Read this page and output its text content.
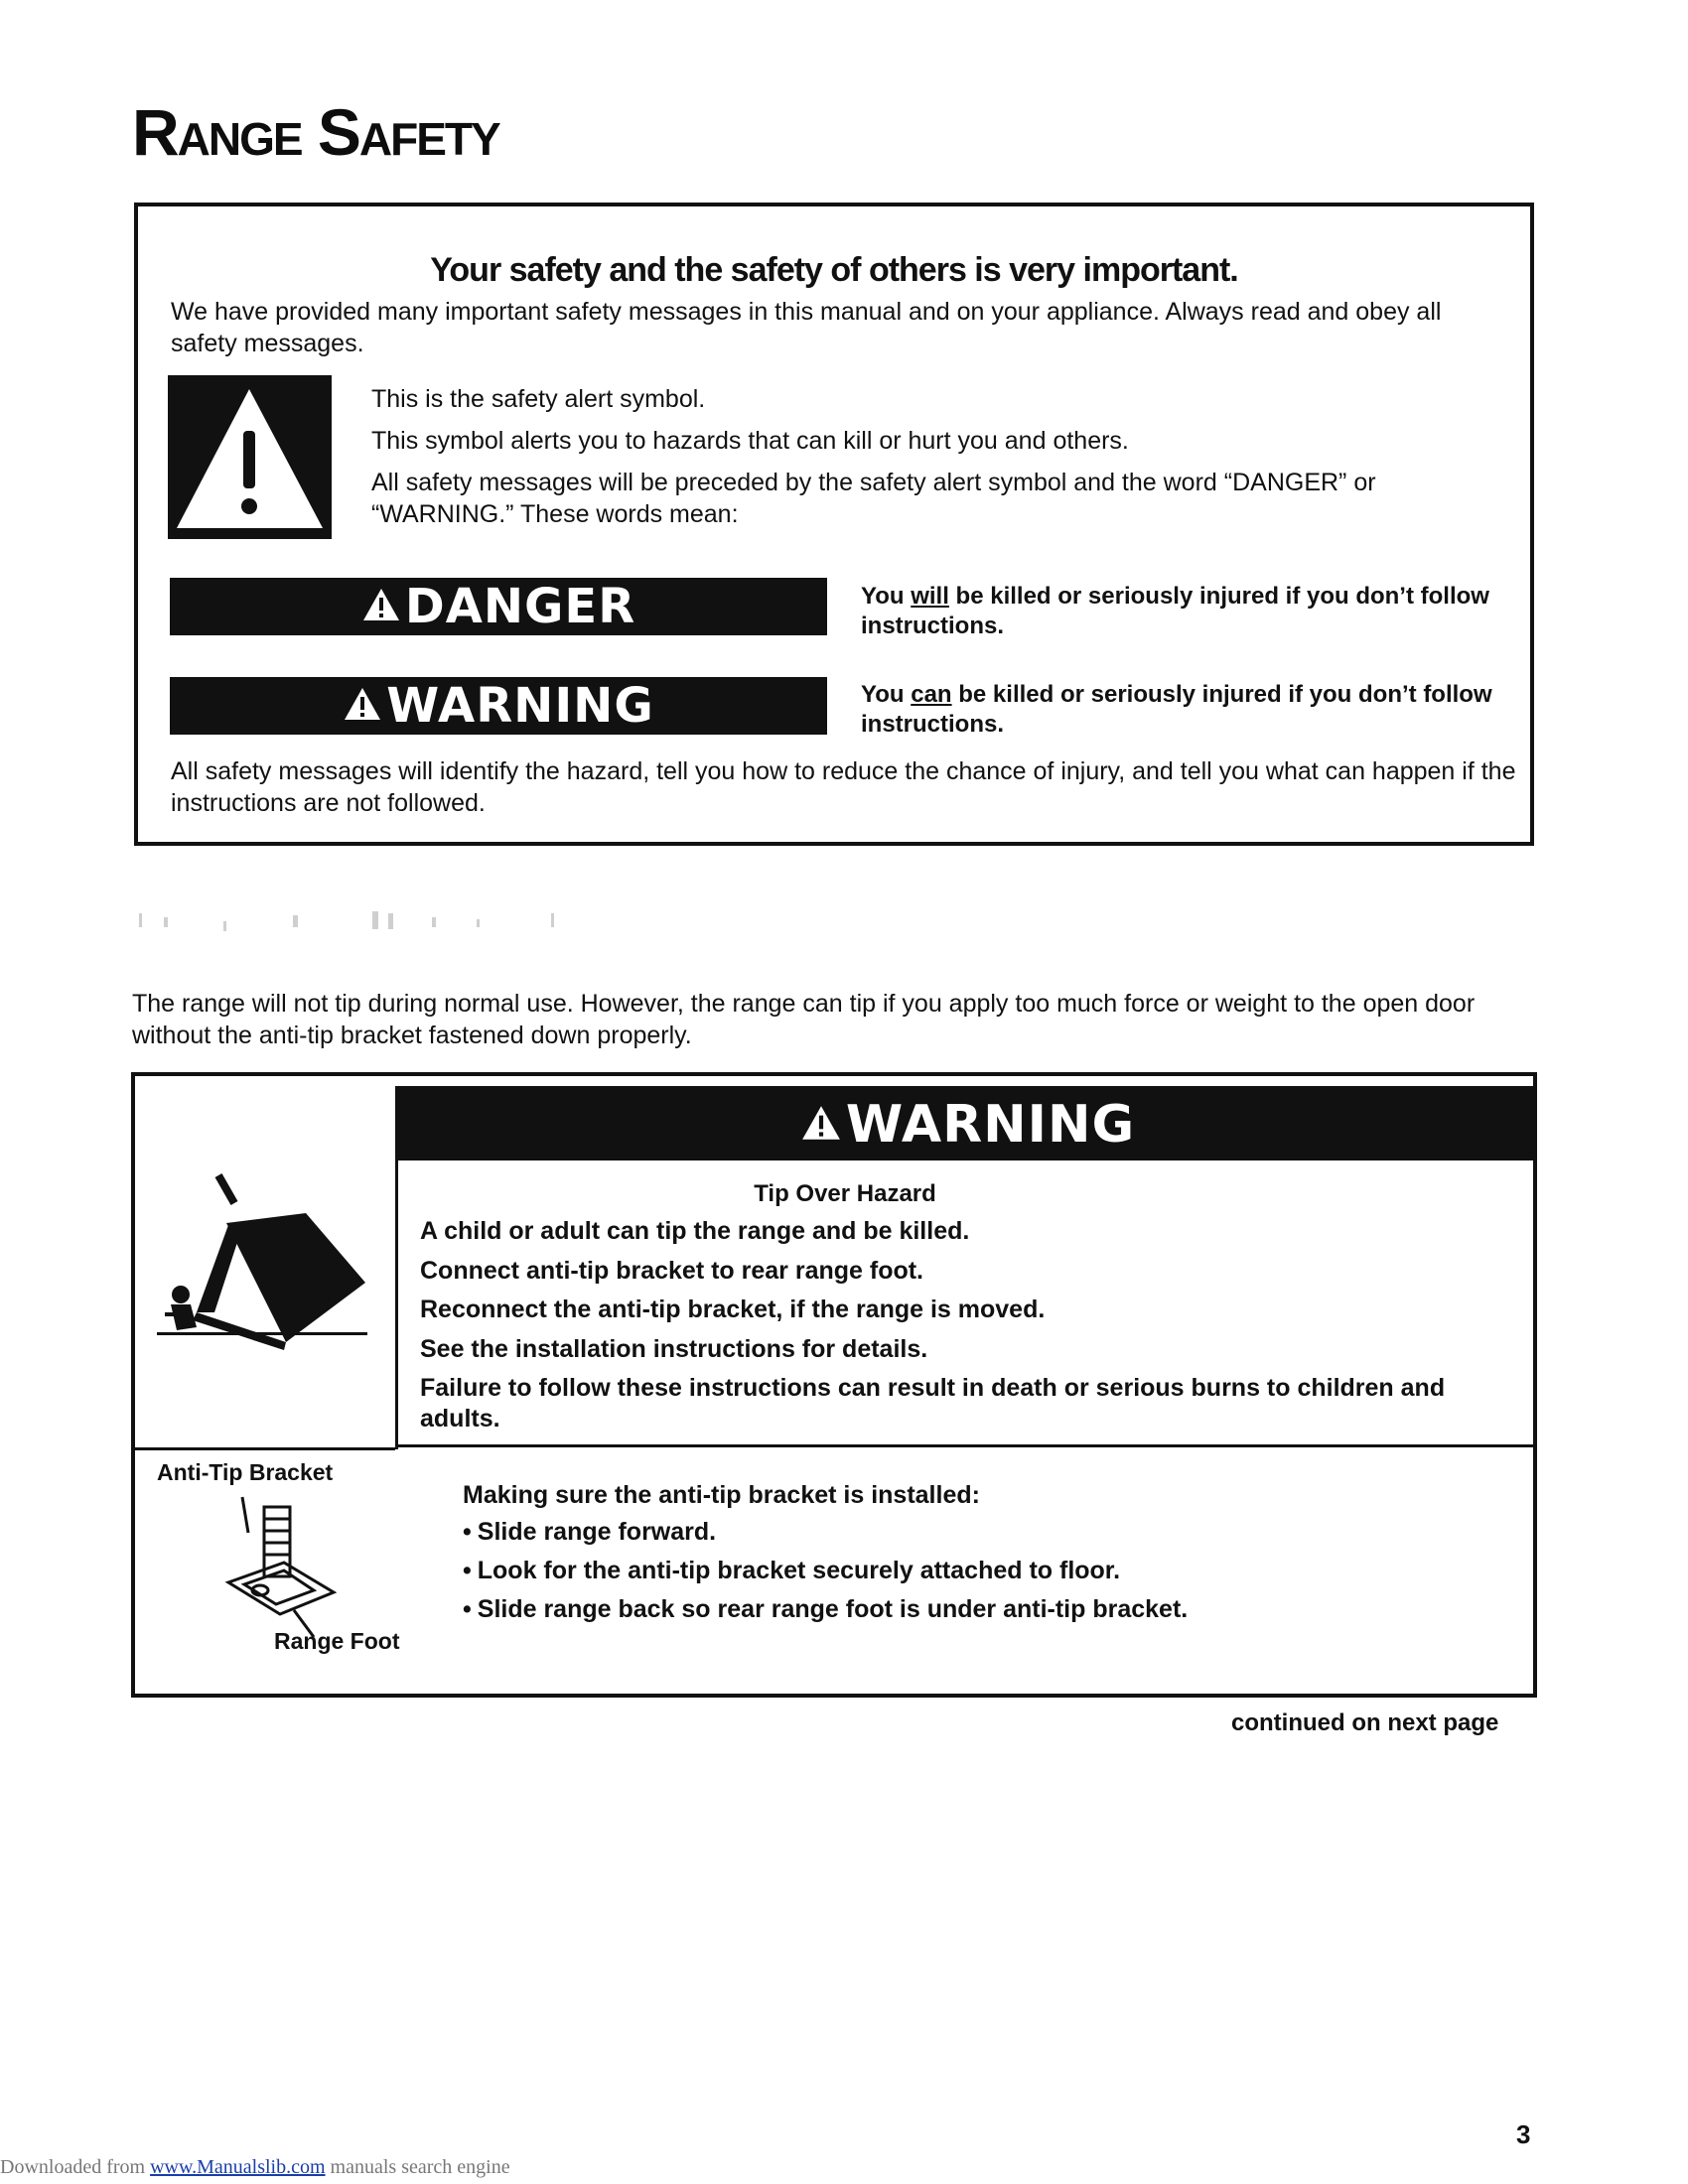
Range Safety
Your safety and the safety of others is very important.

We have provided many important safety messages in this manual and on your appliance. Always read and obey all safety messages.

This is the safety alert symbol.

This symbol alerts you to hazards that can kill or hurt you and others.

All safety messages will be preceded by the safety alert symbol and the word “DANGER” or “WARNING.” These words mean:

DANGER	You will be killed or seriously injured if you don’t follow instructions.

WARNING	You can be killed or seriously injured if you don’t follow instructions.

All safety messages will identify the hazard, tell you how to reduce the chance of injury, and tell you what can happen if the instructions are not followed.

The range will not tip during normal use. However, the range can tip if you apply too much force or weight to the open door without the anti-tip bracket fastened down properly.

WARNING

Tip Over Hazard

A child or adult can tip the range and be killed.
Connect anti-tip bracket to rear range foot.
Reconnect the anti-tip bracket, if the range is moved.
See the installation instructions for details.
Failure to follow these instructions can result in death or serious burns to children and adults.

Anti-Tip Bracket

Range Foot

Making sure the anti-tip bracket is installed:

• Slide range forward.
• Look for the anti-tip bracket securely attached to floor.
• Slide range back so rear range foot is under anti-tip bracket.

continued on next page

3

Downloaded from www.Manualslib.com manuals search engine
